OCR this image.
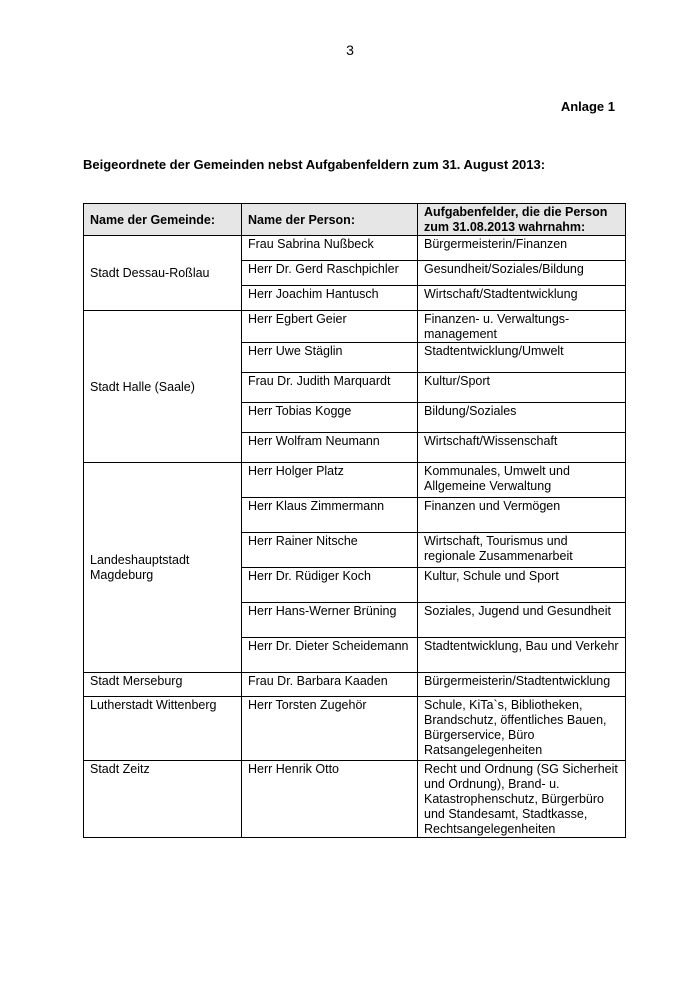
3
Anlage 1
Beigeordnete der Gemeinden nebst Aufgabenfeldern zum 31. August 2013:
Name der Gemeinde:	Name der Person:	Aufgabenfelder, die die Person zum 31.08.2013 wahrnahm:
Stadt Dessau-Roßlau	Frau Sabrina Nußbeck	Bürgermeisterin/Finanzen
	Herr Dr. Gerd Raschpichler	Gesundheit/Soziales/Bildung
	Herr Joachim Hantusch	Wirtschaft/Stadtentwicklung
Stadt Halle (Saale)	Herr Egbert Geier	Finanzen- u. Verwaltungs- management
	Herr Uwe Stäglin	Stadtentwicklung/Umwelt
	Frau Dr. Judith Marquardt	Kultur/Sport
	Herr Tobias Kogge	Bildung/Soziales
	Herr Wolfram Neumann	Wirtschaft/Wissenschaft
Landeshauptstadt Magdeburg	Herr Holger Platz	Kommunales, Umwelt und Allgemeine Verwaltung
	Herr Klaus Zimmermann	Finanzen und Vermögen
	Herr Rainer Nitsche	Wirtschaft, Tourismus und regionale Zusammenarbeit
	Herr Dr. Rüdiger Koch	Kultur, Schule und Sport
	Herr Hans-Werner Brüning	Soziales, Jugend und Gesundheit
	Herr Dr. Dieter Scheidemann	Stadtentwicklung, Bau und Verkehr
Stadt Merseburg	Frau Dr. Barbara Kaaden	Bürgermeisterin/Stadtentwicklung
Lutherstadt Wittenberg	Herr Torsten Zugehör	Schule, KiTa`s, Bibliotheken, Brandschutz, öffentliches Bauen, Bürgerservice, Büro Ratsangelegenheiten
Stadt Zeitz	Herr Henrik Otto	Recht und Ordnung (SG Sicherheit und Ordnung), Brand- u. Katastrophenschutz, Bürgerbüro und Standesamt, Stadtkasse, Rechtsangelegenheiten
